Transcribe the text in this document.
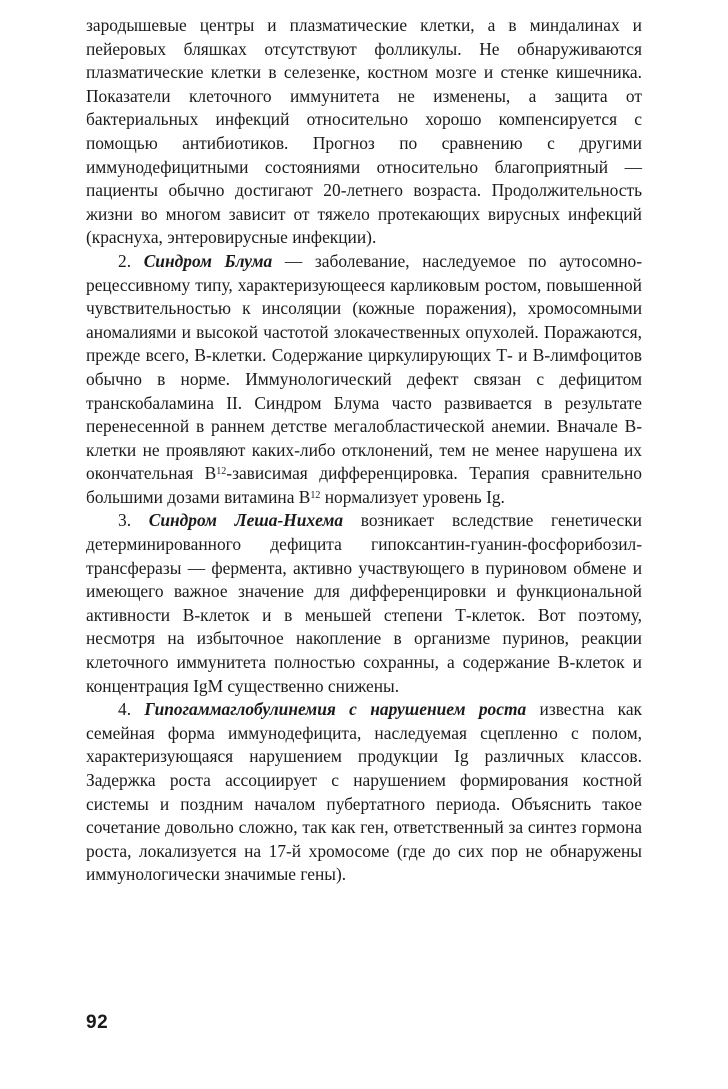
зародышевые центры и плазматические клетки, а в миндалинах и пейеровых бляшках отсутствуют фолликулы. Не обнаруживаются плазматические клетки в селезенке, костном мозге и стенке кишечника. Показатели клеточного иммунитета не изменены, а защита от бактериальных инфекций относительно хорошо компенсируется с помощью антибиотиков. Прогноз по сравнению с другими иммунодефицитными состояниями относительно благоприятный — пациенты обычно достигают 20-летнего возраста. Продолжительность жизни во многом зависит от тяжело протекающих вирусных инфекций (краснуха, энтеровирусные инфекции).

2. Синдром Блума — заболевание, наследуемое по аутосомно-рецессивному типу, характеризующееся карликовым ростом, повышенной чувствительностью к инсоляции (кожные поражения), хромосомными аномалиями и высокой частотой злокачественных опухолей. Поражаются, прежде всего, В-клетки. Содержание циркулирующих Т- и В-лимфоцитов обычно в норме. Иммунологический дефект связан с дефицитом транскобаламина II. Синдром Блума часто развивается в результате перенесенной в раннем детстве мегалобластической анемии. Вначале В-клетки не проявляют каких-либо отклонений, тем не менее нарушена их окончательная $В^{12}$-зависимая дифференцировка. Терапия сравнительно большими дозами витамина $В^{12}$ нормализует уровень Ig.

3. Синдром Леша-Нихема возникает вследствие генетически детерминированного дефицита гипоксантин-гуанин-фосфорибозил-трансферазы — фермента, активно участвующего в пуриновом обмене и имеющего важное значение для дифференцировки и функциональной активности В-клеток и в меньшей степени Т-клеток. Вот поэтому, несмотря на избыточное накопление в организме пуринов, реакции клеточного иммунитета полностью сохранны, а содержание В-клеток и концентрация IgM существенно снижены.

4. Гипогаммаглобулинемия с нарушением роста известна как семейная форма иммунодефицита, наследуемая сцепленно с полом, характеризующаяся нарушением продукции Ig различных классов. Задержка роста ассоциирует с нарушением формирования костной системы и поздним началом пубертатного периода. Объяснить такое сочетание довольно сложно, так как ген, ответственный за синтез гормона роста, локализуется на 17-й хромосоме (где до сих пор не обнаружены иммунологически значимые гены).

92
